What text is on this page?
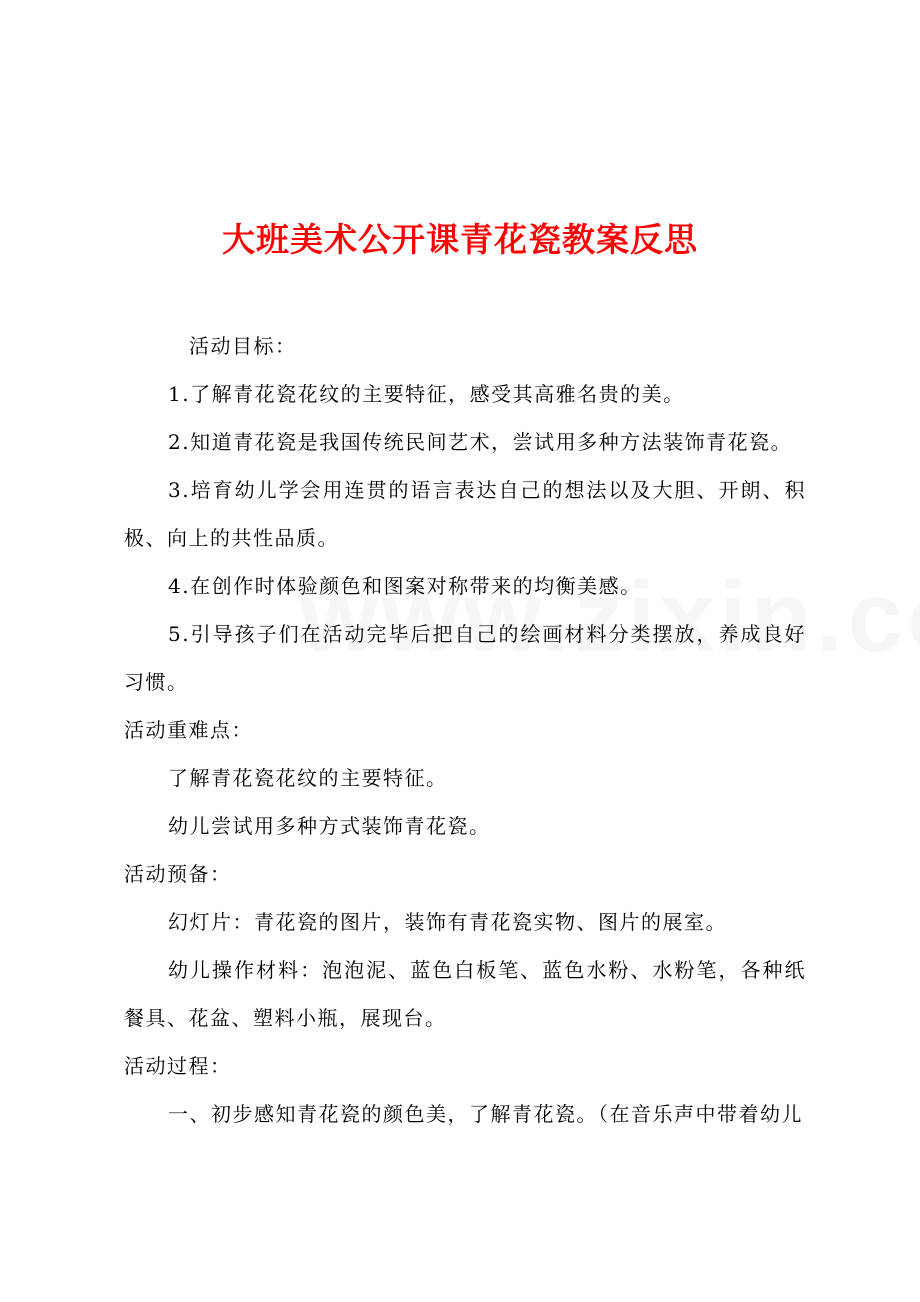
大班美术公开课青花瓷教案反思

活动目标：

1.了解青花瓷花纹的主要特征，感受其高雅名贵的美。

2.知道青花瓷是我国传统民间艺术，尝试用多种方法装饰青花瓷。

3.培育幼儿学会用连贯的语言表达自己的想法以及大胆、开朗、积极、向上的共性品质。

4.在创作时体验颜色和图案对称带来的均衡美感。

5.引导孩子们在活动完毕后把自己的绘画材料分类摆放，养成良好习惯。

活动重难点：

了解青花瓷花纹的主要特征。

幼儿尝试用多种方式装饰青花瓷。

活动预备：

幻灯片：青花瓷的图片，装饰有青花瓷实物、图片的展室。

幼儿操作材料：泡泡泥、蓝色白板笔、蓝色水粉、水粉笔，各种纸餐具、花盆、塑料小瓶，展现台。

活动过程：

一、初步感知青花瓷的颜色美，了解青花瓷。（在音乐声中带着幼儿
